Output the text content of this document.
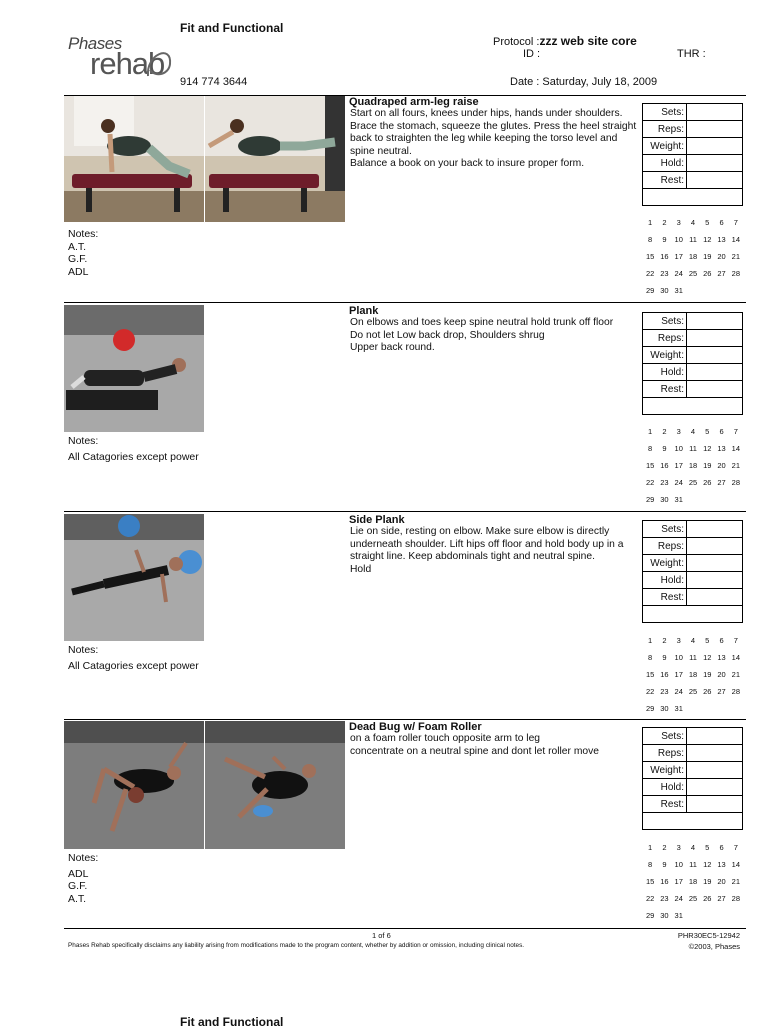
Phases
rehab
Fit and Functional
914 774 3644
Protocol :zzz web site core
ID :	THR :
Date : Saturday, July 18, 2009
Quadraped arm-leg raise
Start on all fours, knees under hips, hands under shoulders. Brace the stomach, squeeze the glutes. Press the heel straight back to straighten the leg while keeping the torso level and spine neutral.
Balance a book on your back to insure proper form.
Notes:
A.T.
G.F.
ADL
Sets:	
Reps:	
Weight:	
Hold:	
Rest:	

1	2	3	4	5	6	7
8	9	10 11 12 13 14
15 16 17 18 19 20 21
22 23 24 25 26 27 28
29 30 31
Plank
On elbows and toes keep spine neutral hold trunk off floor
Do not let Low back drop, Shoulders shrug
Upper back round.
Notes:
All Catagories except power
Sets:	
Reps:	
Weight:	
Hold:	
Rest:	

1	2	3	4	5	6	7
8	9	10 11 12 13 14
15 16 17 18 19 20 21
22 23 24 25 26 27 28
29 30 31
Side Plank
Lie on side, resting on elbow. Make sure elbow is directly underneath shoulder. Lift hips off floor and hold body up in a straight line. Keep abdominals tight and neutral spine.
Hold
Notes:
All Catagories except power
Sets:	
Reps:	
Weight:	
Hold:	
Rest:	

1	2	3	4	5	6	7
8	9	10 11 12 13 14
15 16 17 18 19 20 21
22 23 24 25 26 27 28
29 30 31
Dead Bug w/ Foam Roller
on a foam roller touch opposite arm to leg
concentrate on a neutral spine and dont let roller move
Notes:
ADL
G.F.
A.T.
Sets:	
Reps:	
Weight:	
Hold:	
Rest:	

1	2	3	4	5	6	7
8	9	10 11 12 13 14
15 16 17 18 19 20 21
22 23 24 25 26 27 28
29 30 31
1 of 6	PHR30EC5-12942
Phases Rehab specifically disclaims any liability arising from modifications made to the program content, whether by addition or omission, including clinical notes.	©2003, Phases
Fit and Functional
